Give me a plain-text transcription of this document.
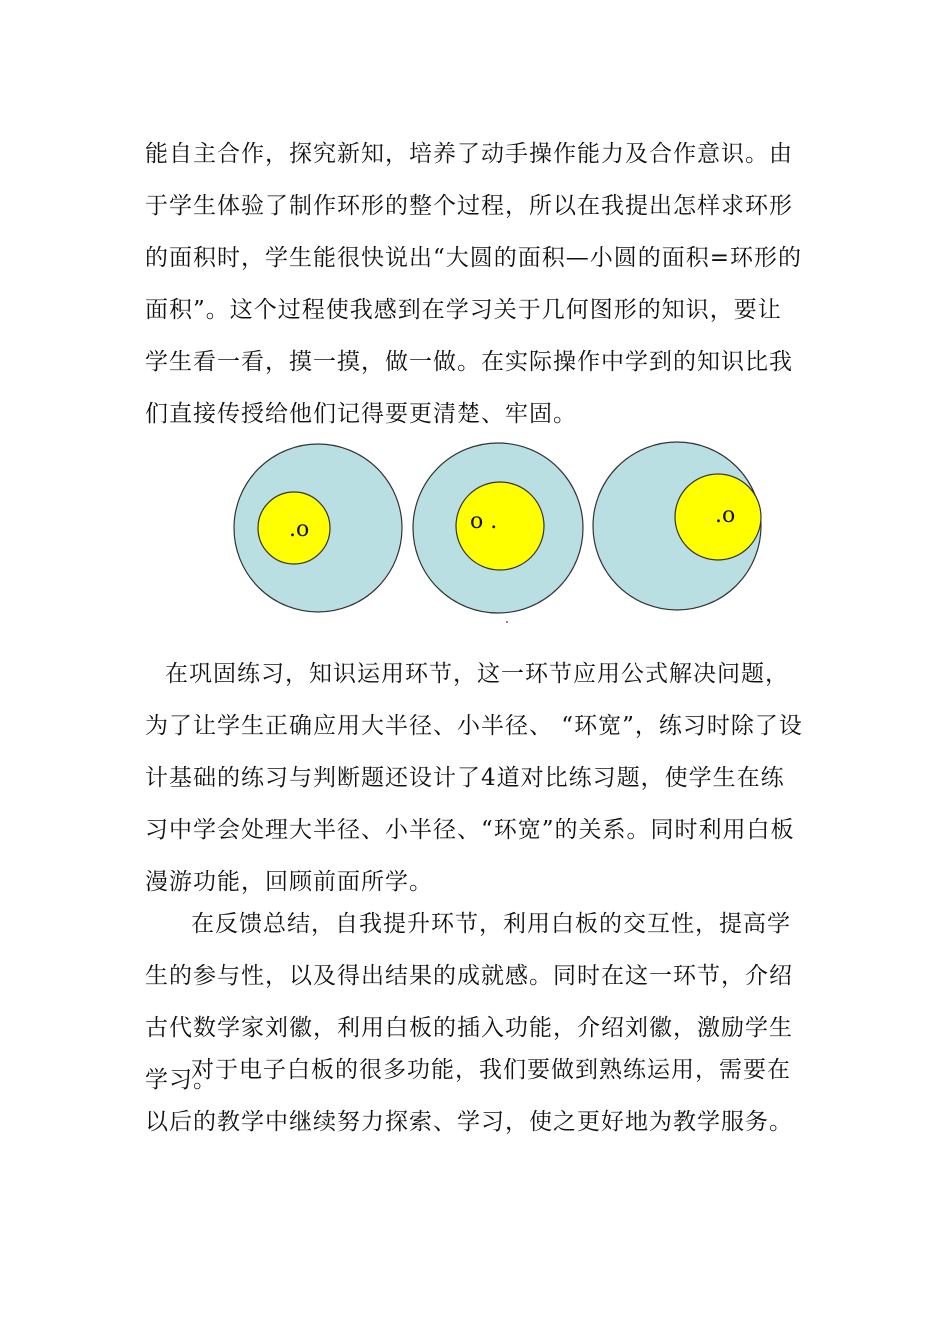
能自主合作，探究新知，培养了动手操作能力及合作意识。由于学生体验了制作环形的整个过程，所以在我提出怎样求环形的面积时，学生能很快说出“大圆的面积—小圆的面积=环形的面积”。这个过程使我感到在学习关于几何图形的知识，要让学生看一看，摸一摸，做一做。在实际操作中学到的知识比我们直接传授给他们记得要更清楚、牢固。

.o	o .	.o

在巩固练习，知识运用环节，这一环节应用公式解决问题，为了让学生正确应用大半径、小半径、 “环宽”，练习时除了设计基础的练习与判断题还设计了4道对比练习题，使学生在练习中学会处理大半径、小半径、“环宽”的关系。同时利用白板漫游功能，回顾前面所学。

在反馈总结，自我提升环节，利用白板的交互性，提高学生的参与性，以及得出结果的成就感。同时在这一环节，介绍古代数学家刘徽，利用白板的插入功能，介绍刘徽，激励学生学习。

对于电子白板的很多功能，我们要做到熟练运用，需要在以后的教学中继续努力探索、学习，使之更好地为教学服务。
